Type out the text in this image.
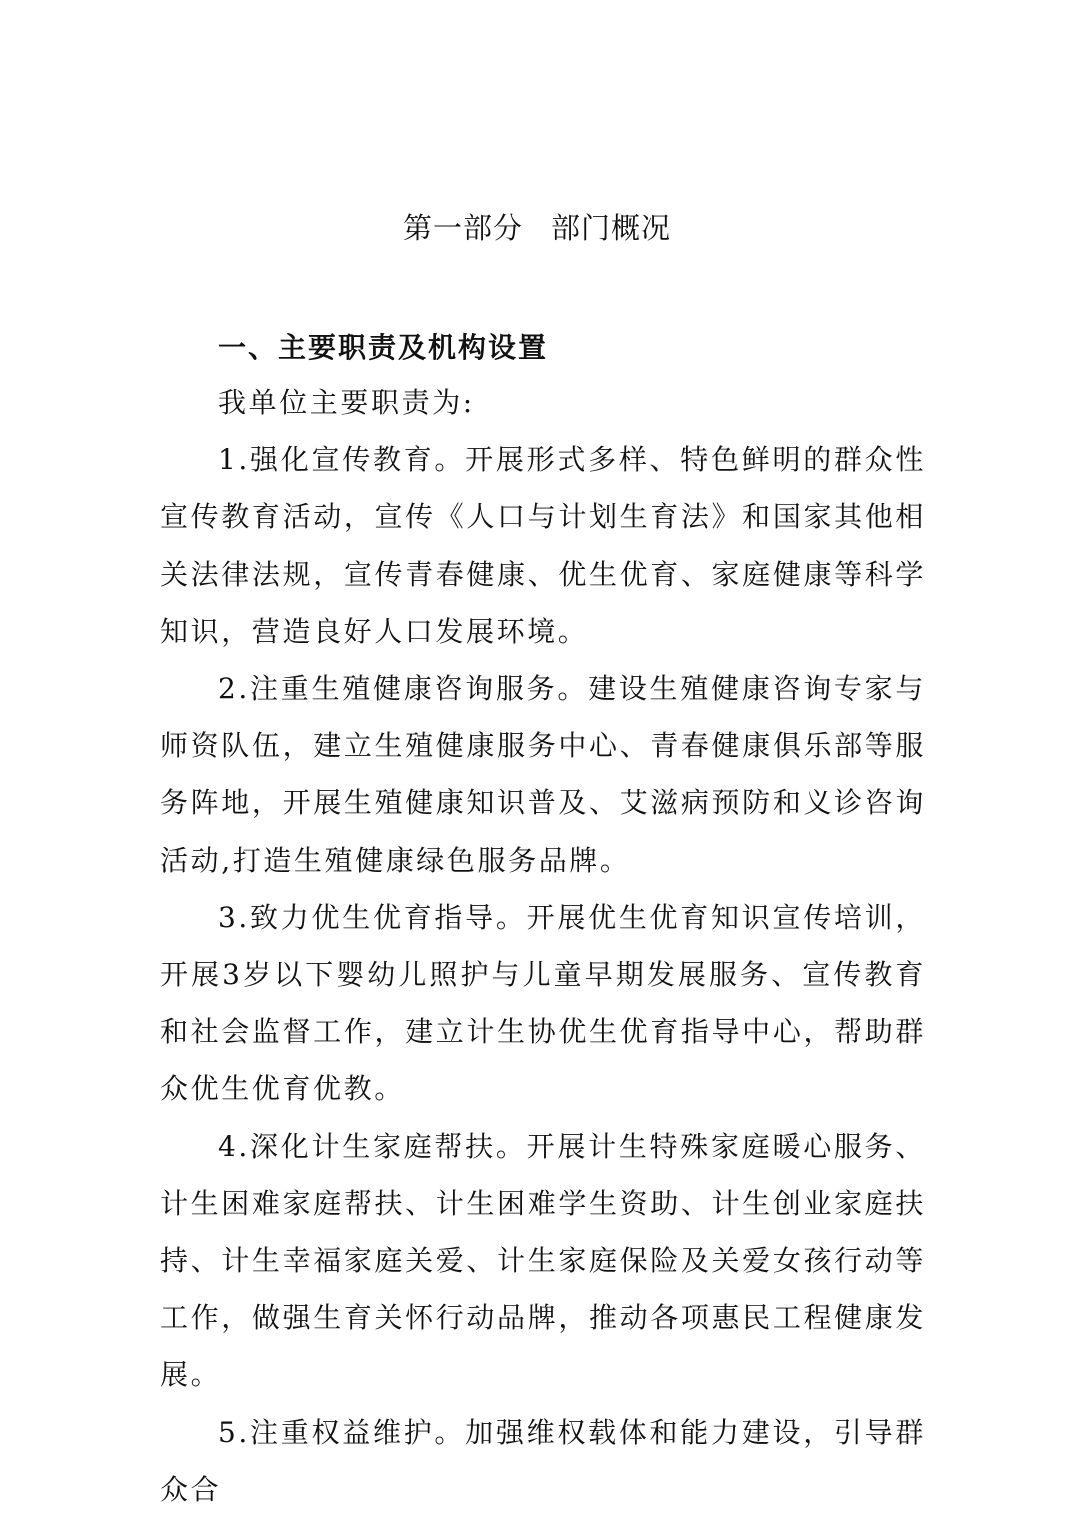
第一部分 部门概况
一、主要职责及机构设置

我单位主要职责为:

1.强化宣传教育。开展形式多样、特色鲜明的群众性宣传教育活动，宣传《人口与计划生育法》和国家其他相关法律法规，宣传青春健康、优生优育、家庭健康等科学知识，营造良好人口发展环境。

2.注重生殖健康咨询服务。建设生殖健康咨询专家与师资队伍，建立生殖健康服务中心、青春健康俱乐部等服务阵地，开展生殖健康知识普及、艾滋病预防和义诊咨询活动,打造生殖健康绿色服务品牌。

3.致力优生优育指导。开展优生优育知识宣传培训，开展3岁以下婴幼儿照护与儿童早期发展服务、宣传教育和社会监督工作，建立计生协优生优育指导中心，帮助群众优生优育优教。

4.深化计生家庭帮扶。开展计生特殊家庭暖心服务、计生困难家庭帮扶、计生困难学生资助、计生创业家庭扶持、计生幸福家庭关爱、计生家庭保险及关爱女孩行动等工作，做强生育关怀行动品牌，推动各项惠民工程健康发展。

5.注重权益维护。加强维权载体和能力建设，引导群众合
